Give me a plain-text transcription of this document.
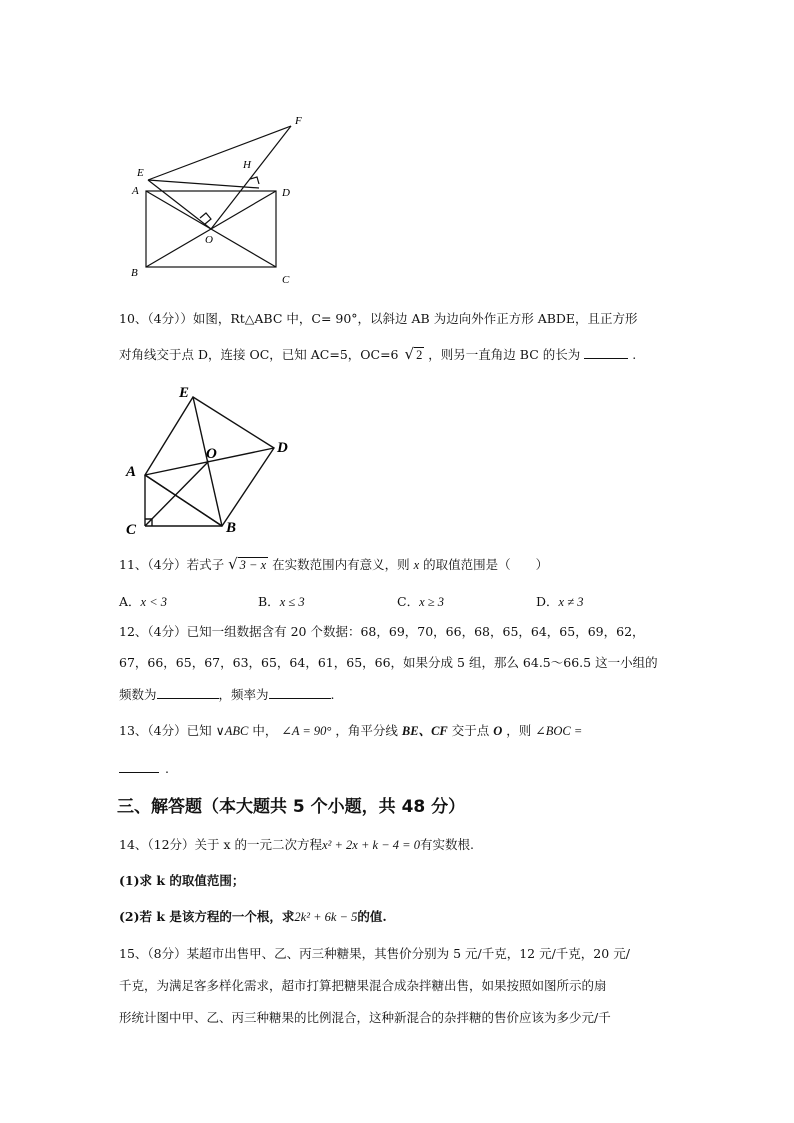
E
A
F
H
D
O
B
C
10、（4分））如图，Rt△ABC 中，C= 90°，以斜边 AB 为边向外作正方形 ABDE，且正方形
对角线交于点 D，连接 OC，已知 AC=5，OC=6 √ 2 ，则另一直角边 BC 的长为	.
E
A
O	D
C	B
11、（4分）若式子 √ 3 − x 在实数范围内有意义，则 x 的取值范围是（　　）
A．x < 3	B．x ≤ 3	C．x ≥ 3	D．x ≠ 3
12、（4分）已知一组数据含有 20 个数据：68，69，70，66，68，65，64，65，69，62，
67，66，65，67，63，65，64，61，65，66，如果分成 5 组，那么 64.5～66.5 这一小组的
频数为	，频率为	.
13、（4分）已知 ∨ABC 中， ∠A = 90° ，角平分线 BE、CF 交于点 O ，则 ∠BOC =
.
三、解答题（本大题共 5 个小题，共 48 分）
14、（12分）关于 x 的一元二次方程x² + 2x + k − 4 = 0有实数根.
(1)求 k 的取值范围；
(2)若 k 是该方程的一个根，求2k² + 6k − 5的值.
15、（8分）某超市出售甲、乙、丙三种糖果，其售价分别为 5 元/千克，12 元/千克，20 元/
千克，为满足客多样化需求，超市打算把糖果混合成杂拌糖出售，如果按照如图所示的扇
形统计图中甲、乙、丙三种糖果的比例混合，这种新混合的杂拌糖的售价应该为多少元/千
